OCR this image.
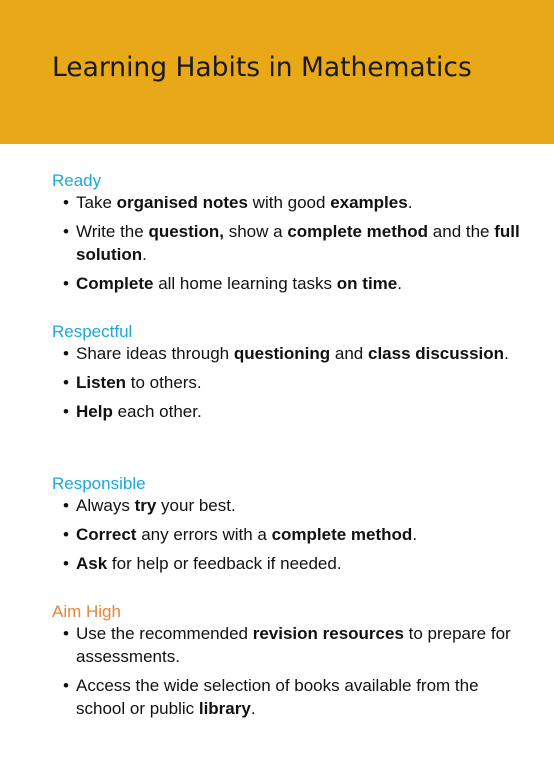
Learning Habits in Mathematics
Ready
• Take organised notes with good examples.
• Write the question, show a complete method and the full solution.
• Complete all home learning tasks on time.
Respectful
• Share ideas through questioning and class discussion.
• Listen to others.
• Help each other.
Responsible
• Always try your best.
• Correct any errors with a complete method.
• Ask for help or feedback if needed.
Aim High
• Use the recommended revision resources to prepare for assessments.
• Access the wide selection of books available from the school or public library.
